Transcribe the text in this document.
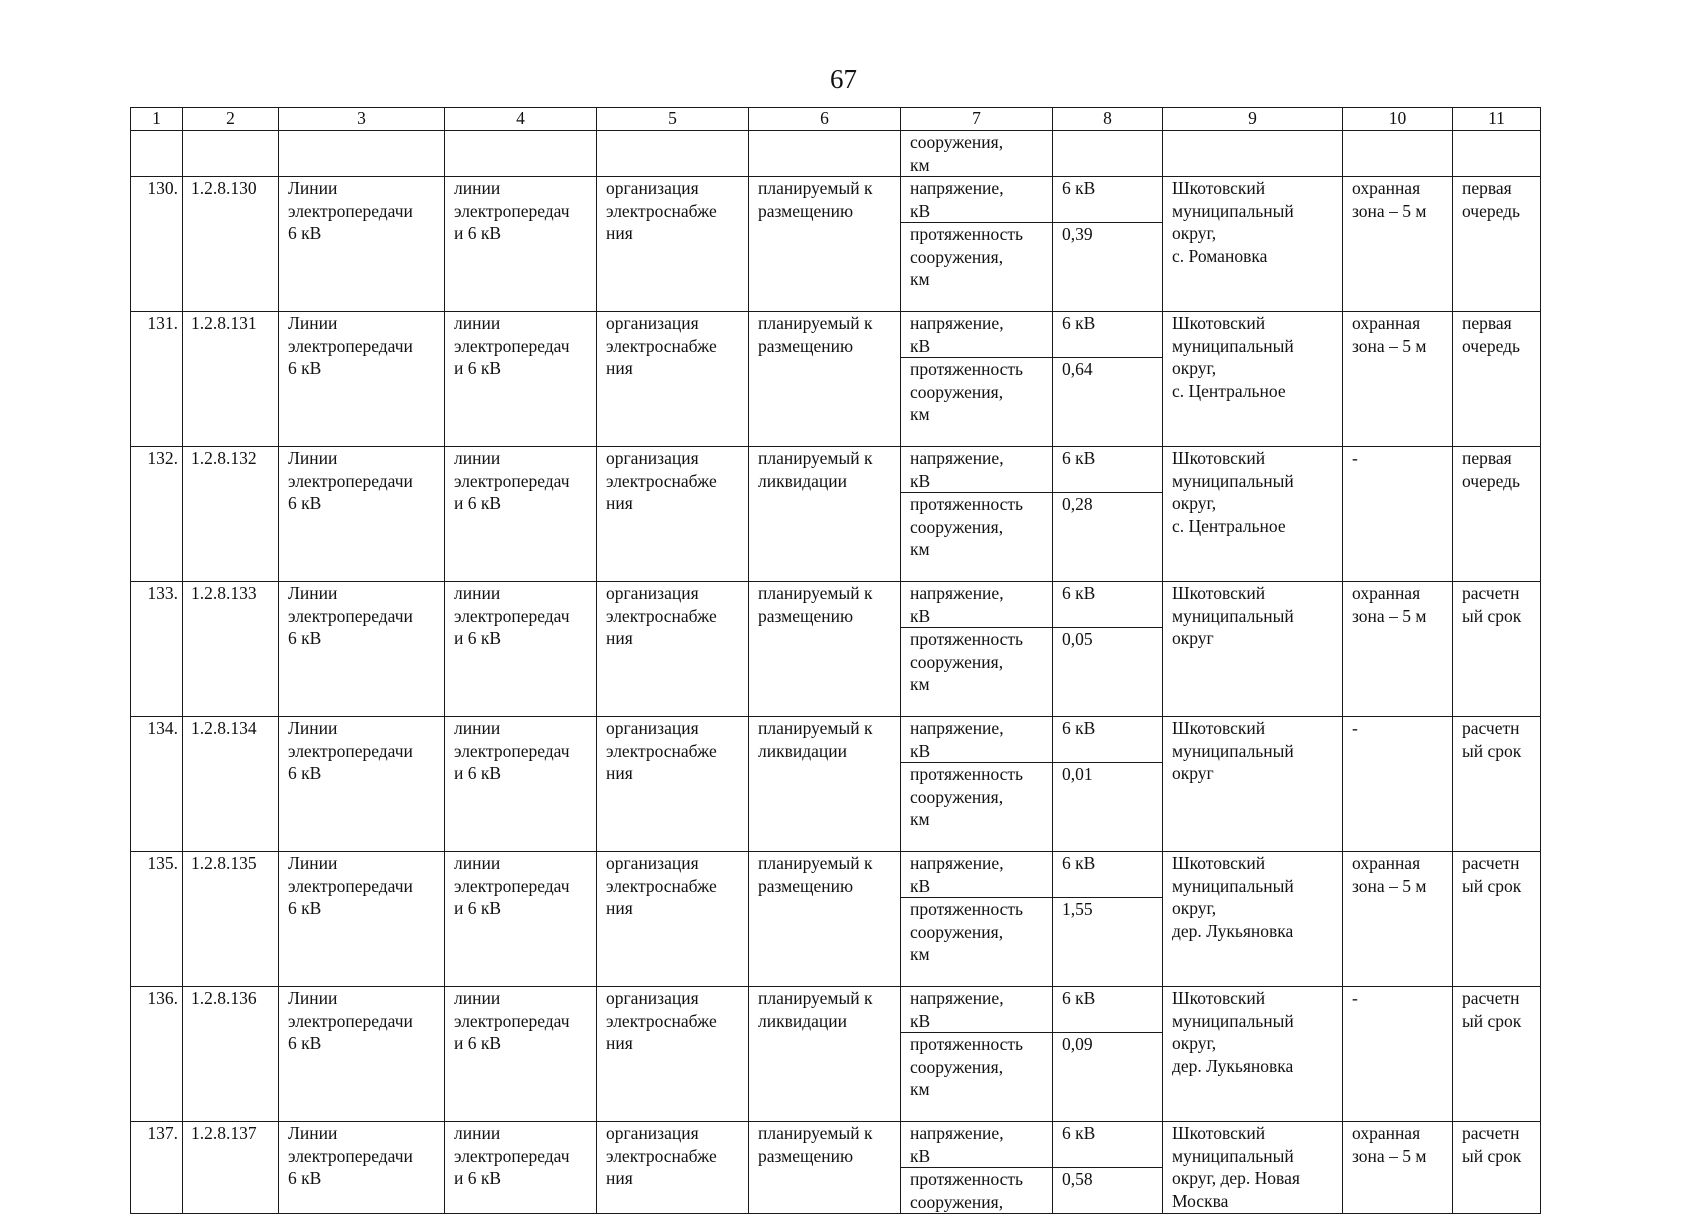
67
1	2	3	4	5	6	7	8	9	10	11
						сооружения,
км				
130.	1.2.8.130	Линии
электропередачи
6 кВ	линии
электропередач
и 6 кВ	организация
электроснабже
ния	планируемый к
размещению	напряжение,
кВ	6 кВ	Шкотовский
муниципальный
округ,
с. Романовка	охранная
зона – 5 м	первая
очередь
						протяженность
сооружения,
км	0,39			
131.	1.2.8.131	Линии
электропередачи
6 кВ	линии
электропередач
и 6 кВ	организация
электроснабже
ния	планируемый к
размещению	напряжение,
кВ	6 кВ	Шкотовский
муниципальный
округ,
с. Центральное	охранная
зона – 5 м	первая
очередь
						протяженность
сооружения,
км	0,64			
132.	1.2.8.132	Линии
электропередачи
6 кВ	линии
электропередач
и 6 кВ	организация
электроснабже
ния	планируемый к
ликвидации	напряжение,
кВ	6 кВ	Шкотовский
муниципальный
округ,
с. Центральное	-	первая
очередь
						протяженность
сооружения,
км	0,28			
133.	1.2.8.133	Линии
электропередачи
6 кВ	линии
электропередач
и 6 кВ	организация
электроснабже
ния	планируемый к
размещению	напряжение,
кВ	6 кВ	Шкотовский
муниципальный
округ	охранная
зона – 5 м	расчетн
ый срок
						протяженность
сооружения,
км	0,05			
134.	1.2.8.134	Линии
электропередачи
6 кВ	линии
электропередач
и 6 кВ	организация
электроснабже
ния	планируемый к
ликвидации	напряжение,
кВ	6 кВ	Шкотовский
муниципальный
округ	-	расчетн
ый срок
						протяженность
сооружения,
км	0,01			
135.	1.2.8.135	Линии
электропередачи
6 кВ	линии
электропередач
и 6 кВ	организация
электроснабже
ния	планируемый к
размещению	напряжение,
кВ	6 кВ	Шкотовский
муниципальный
округ,
дер. Лукьяновка	охранная
зона – 5 м	расчетн
ый срок
						протяженность
сооружения,
км	1,55			
136.	1.2.8.136	Линии
электропередачи
6 кВ	линии
электропередач
и 6 кВ	организация
электроснабже
ния	планируемый к
ликвидации	напряжение,
кВ	6 кВ	Шкотовский
муниципальный
округ,
дер. Лукьяновка	-	расчетн
ый срок
						протяженность
сооружения,
км	0,09			
137.	1.2.8.137	Линии
электропередачи
6 кВ	линии
электропередач
и 6 кВ	организация
электроснабже
ния	планируемый к
размещению	напряжение,
кВ	6 кВ	Шкотовский
муниципальный
округ, дер. Новая
Москва	охранная
зона – 5 м	расчетн
ый срок
						протяженность
сооружения,	0,58			
